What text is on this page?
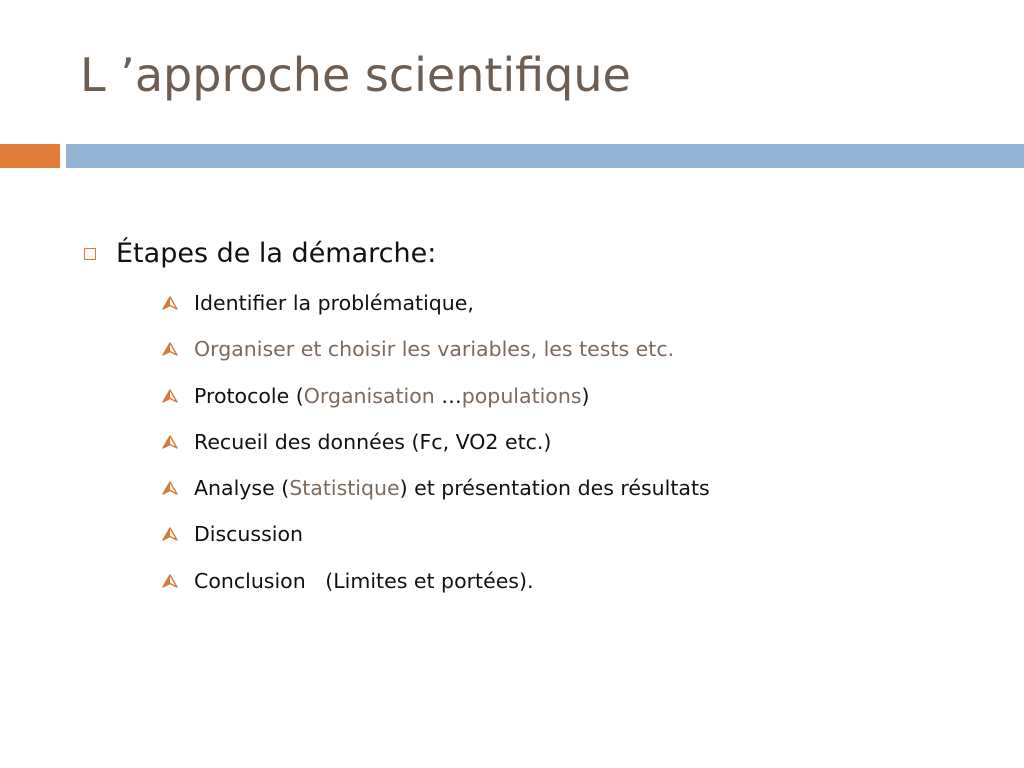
L ’approche scientifique
Étapes de la démarche:
Identifier la problématique,
Organiser et choisir les variables, les tests etc.
Protocole (Organisation …populations)
Recueil des données (Fc, VO2 etc.)
Analyse (Statistique) et présentation des résultats
Discussion
Conclusion   (Limites et portées).
